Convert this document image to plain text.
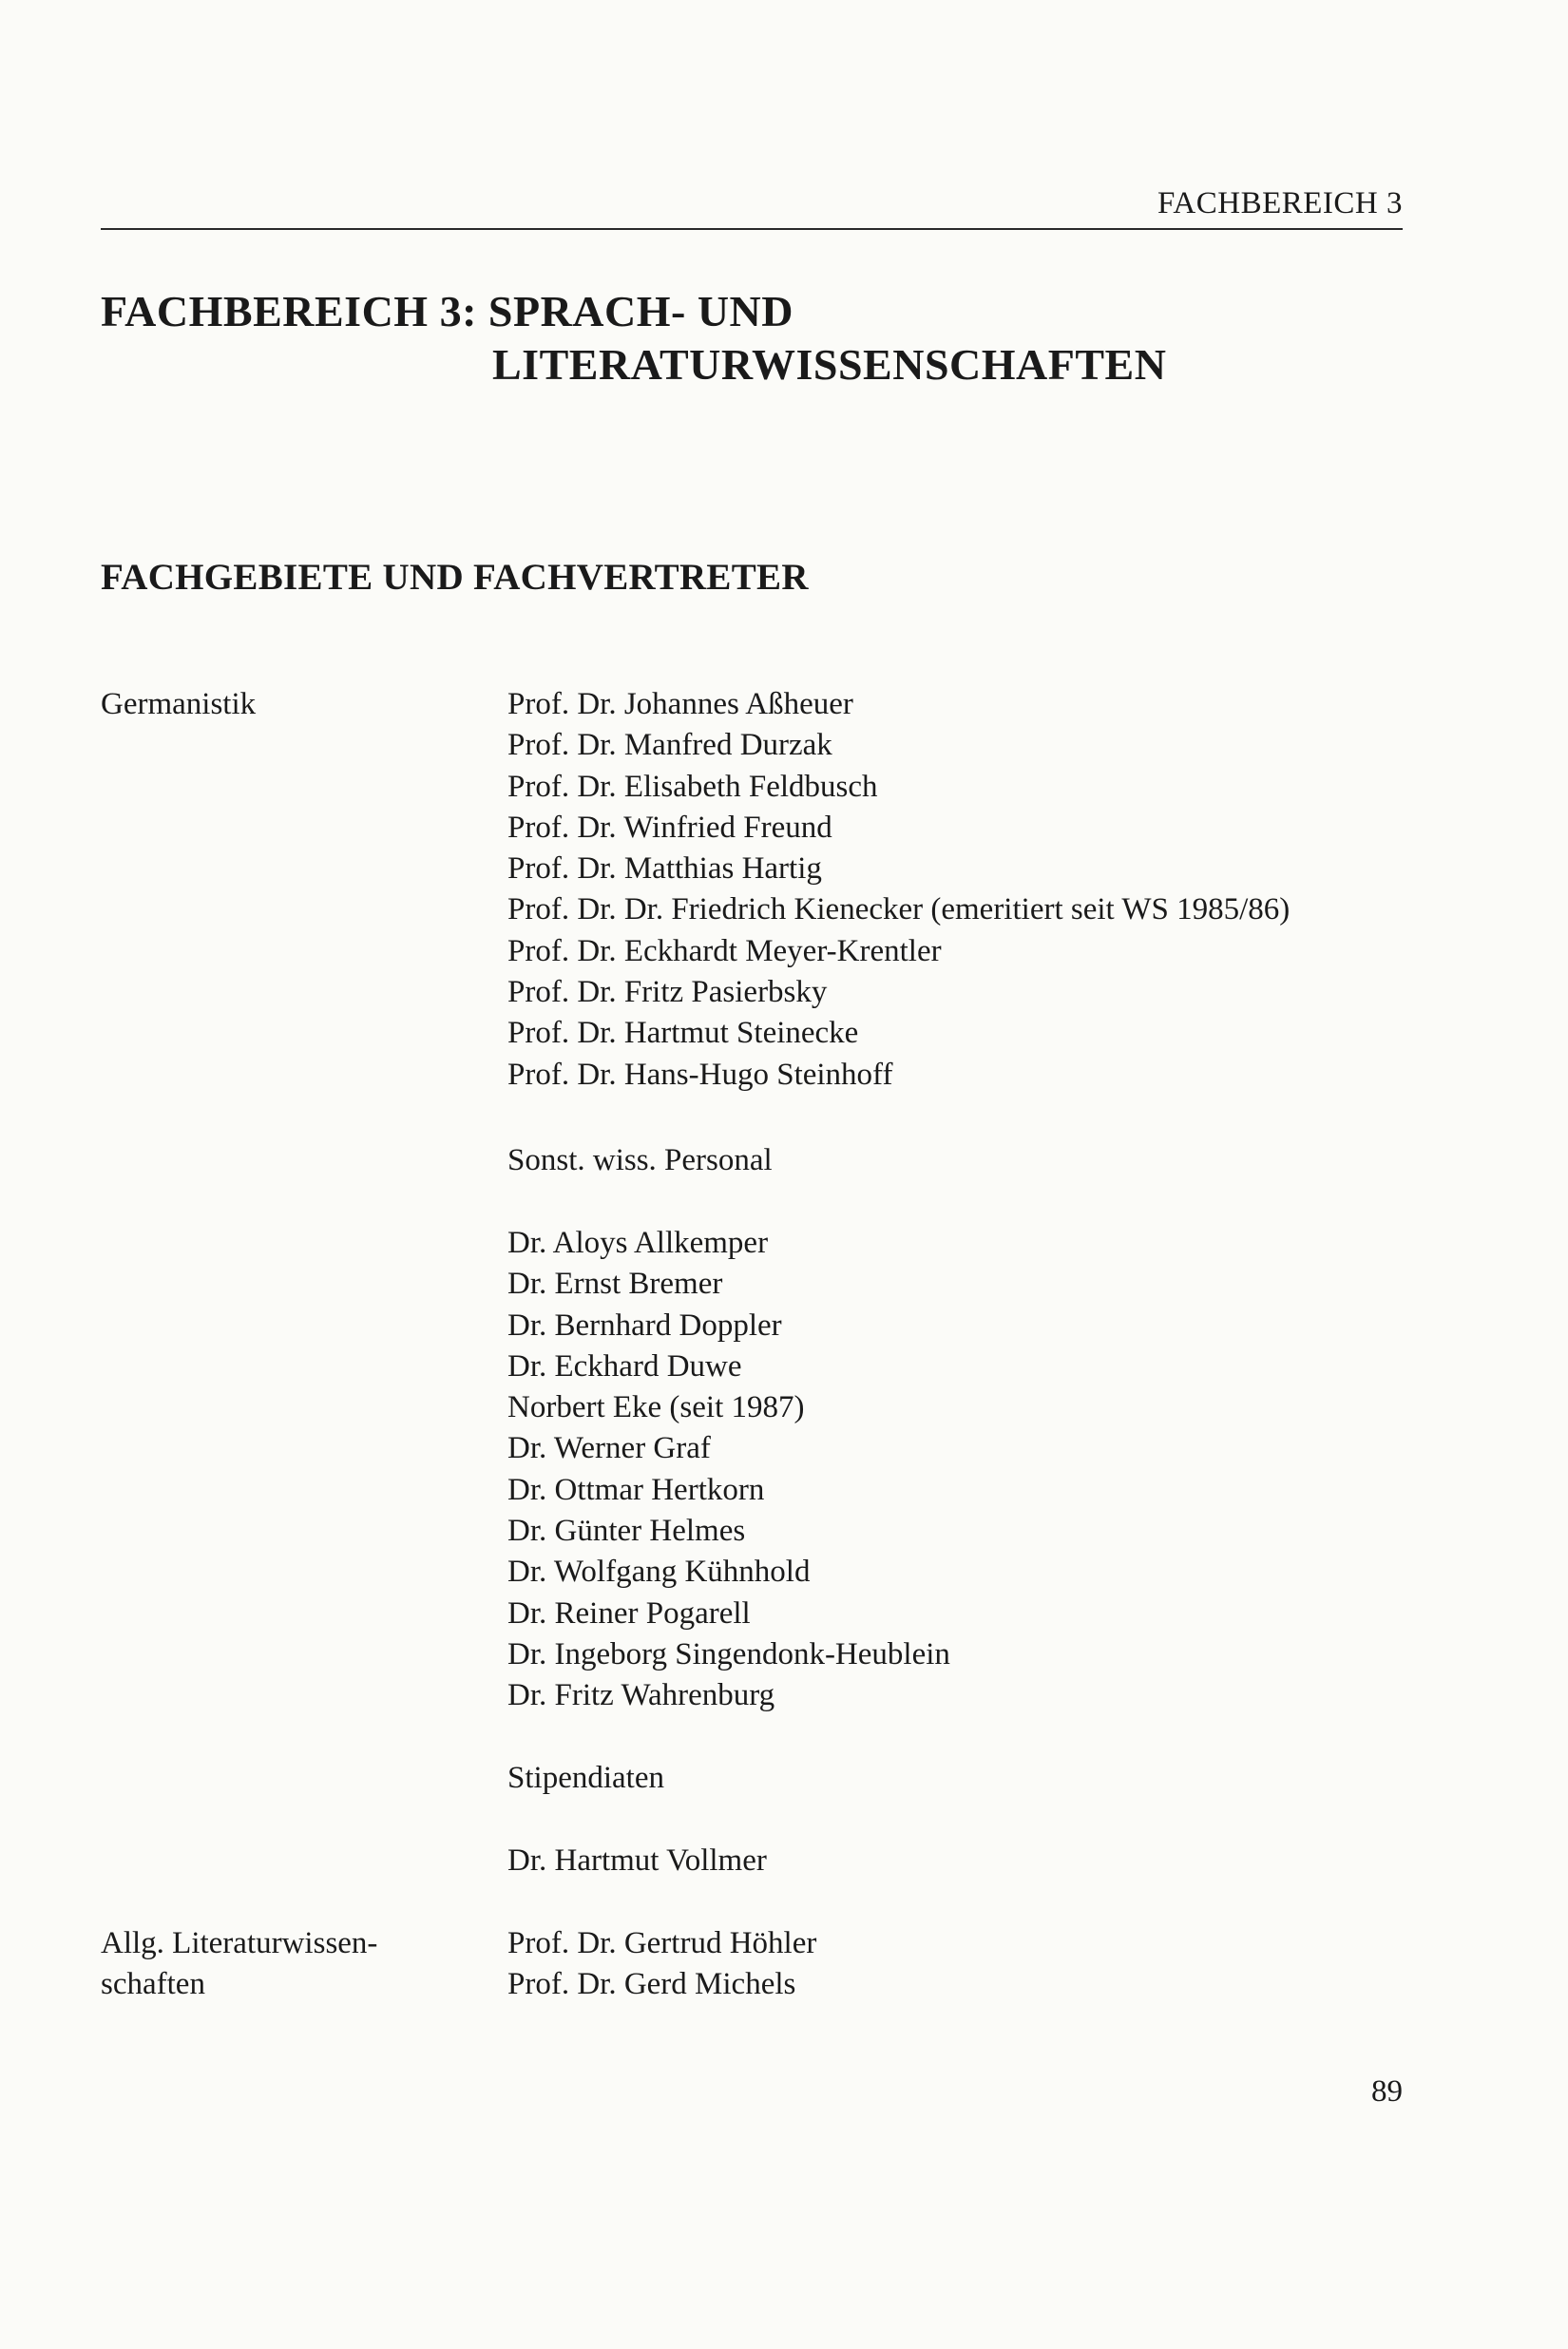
FACHBEREICH 3
FACHBEREICH 3: SPRACH- UND
LITERATURWISSENSCHAFTEN
FACHGEBIETE UND FACHVERTRETER
Germanistik	Prof. Dr. Johannes Aßheuer
Prof. Dr. Manfred Durzak
Prof. Dr. Elisabeth Feldbusch
Prof. Dr. Winfried Freund
Prof. Dr. Matthias Hartig
Prof. Dr. Dr. Friedrich Kienecker (emeritiert seit WS 1985/86)
Prof. Dr. Eckhardt Meyer-Krentler
Prof. Dr. Fritz Pasierbsky
Prof. Dr. Hartmut Steinecke
Prof. Dr. Hans-Hugo Steinhoff
Sonst. wiss. Personal
Dr. Aloys Allkemper
Dr. Ernst Bremer
Dr. Bernhard Doppler
Dr. Eckhard Duwe
Norbert Eke (seit 1987)
Dr. Werner Graf
Dr. Ottmar Hertkorn
Dr. Günter Helmes
Dr. Wolfgang Kühnhold
Dr. Reiner Pogarell
Dr. Ingeborg Singendonk-Heublein
Dr. Fritz Wahrenburg
Stipendiaten
Dr. Hartmut Vollmer
Allg. Literaturwissen-
schaften
Prof. Dr. Gertrud Höhler
Prof. Dr. Gerd Michels
89
